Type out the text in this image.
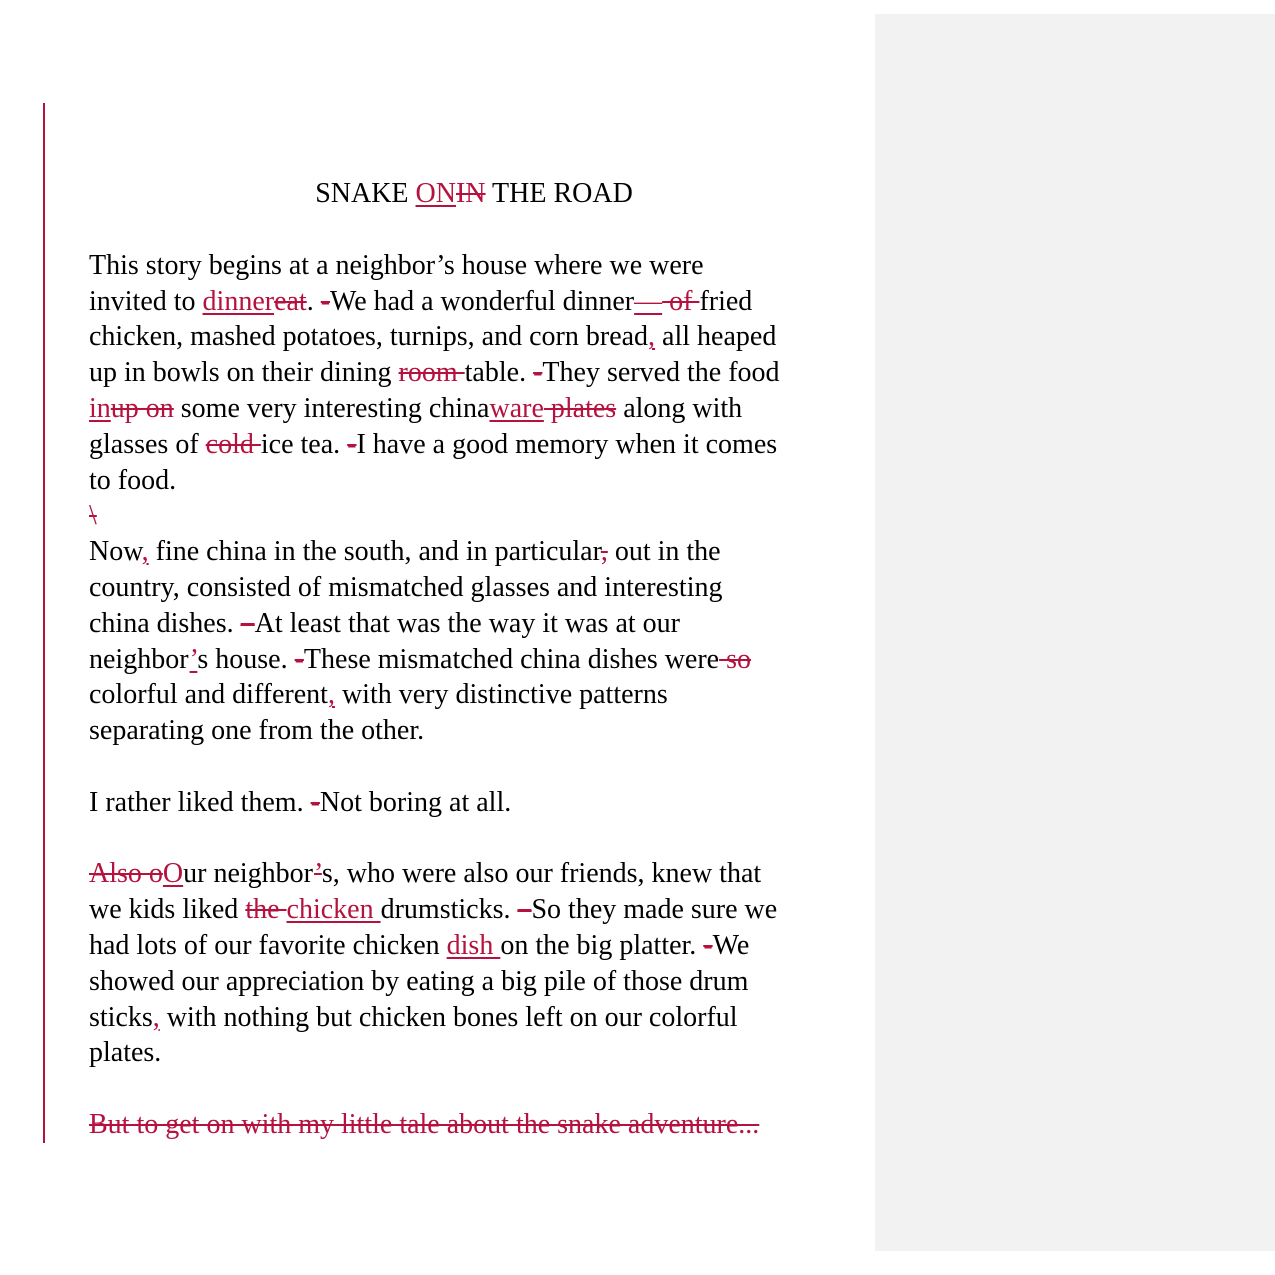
SNAKE ONIN THE ROAD

This story begins at a neighbor’s house where we were

invited to dinnereat. -We had a wonderful dinner— of fried

chicken, mashed potatoes, turnips, and corn bread, all heaped

up in bowls on their dining room table. -They served the food

inup on some very interesting chinaware plates along with

glasses of cold ice tea. -I have a good memory when it comes

to food.

\

Now, fine china in the south, and in particular, out in the

country, consisted of mismatched glasses and interesting

china dishes. –At least that was the way it was at our

neighbor’s house. -These mismatched china dishes were so

colorful and different, with very distinctive patterns

separating one from the other.

I rather liked them. -Not boring at all.

Also oOur neighbor’s, who were also our friends, knew that

we kids liked the chicken drumsticks. –So they made sure we

had lots of our favorite chicken dish on the big platter. -We

showed our appreciation by eating a big pile of those drum

sticks, with nothing but chicken bones left on our colorful

plates.

But to get on with my little tale about the snake adventure...
